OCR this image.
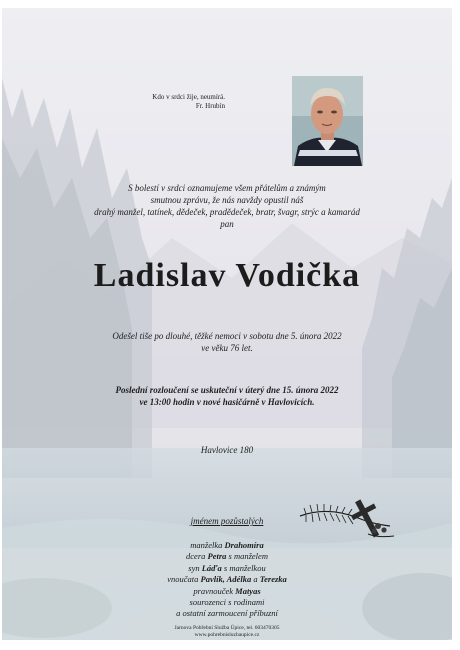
Kdo v srdci žije, neumírá.
Fr. Hrubín
S bolestí v srdci oznamujeme všem přátelům a známým
smutnou zprávu, že nás navždy opustil náš
drahý manžel, tatínek, dědeček, pradědeček, bratr, švagr, strýc a kamarád
pan
Ladislav Vodička
Odešel tiše po dlouhé, těžké nemoci v sobotu dne 5. února 2022
ve věku 76 let.
Poslední rozloučení se uskuteční v úterý dne 15. února 2022
ve 13:00 hodin v nové hasičárně v Havlovicích.
Havlovice 180
jménem pozůstalých
manželka Drahomíra
dcera Petra s manželem
syn Láďa s manželkou
vnoučata Pavlík, Adélka a Terezka
pravnouček Matyas
sourozenci s rodinami
a ostatní zarmoucení příbuzní
Jarnova Pohřební Služba Úpice, tel. 603470305
www.pohrebnisluzbaupice.cz
